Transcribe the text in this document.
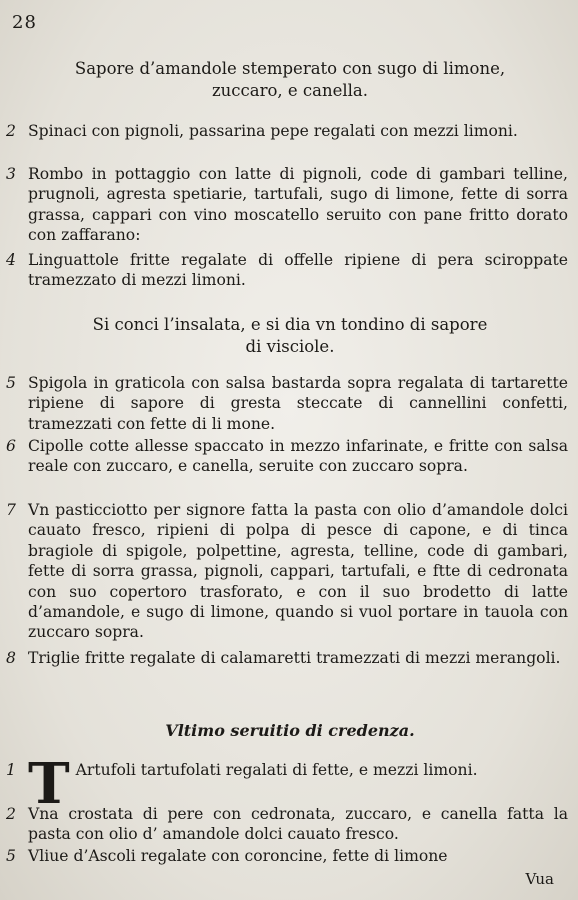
28
Sapore d’amandole stemperato con sugo di limone,
zuccaro, e canella.
2 Spinaci con pignoli, passarina pepe regalati con mezzi limoni.
3 Rombo in pottaggio con latte di pignoli, code di gambari telline, prugnoli, agresta spetiarie, tartufali, sugo di limone, fette di sorra grassa, cappari con vino moscatello seruito con pane fritto dorato con zaffarano:
4 Linguattole fritte regalate di offelle ripiene di pera sciroppate tramezzato di mezzi limoni.
Si conci l’insalata, e si dia vn tondino di sapore
di visciole.
5 Spigola in graticola con salsa bastarda sopra regalata di tartarette ripiene di sapore di gresta steccate di cannellini confetti, tramezzati con fette di li mone.
6 Cipolle cotte allesse spaccato in mezzo infarinate, e fritte con salsa reale con zuccaro, e canella, seruite con zuccaro sopra.
7 Vn pasticciotto per signore fatta la pasta con olio d’amandole dolci cauato fresco, ripieni di polpa di pesce di capone, e di tinca bragiole di spigole, polpettine, agresta, telline, code di gambari, fette di sorra grassa, pignoli, cappari, tartufali, e ftte di cedronata con suo copertoro trasforato, e con il suo brodetto di latte d’amandole, e sugo di limone, quando si vuol portare in tauola con zuccaro sopra.
8 Triglie fritte regalate di calamaretti tramezzati di mezzi merangoli.
Vltimo seruitio di credenza.
1 T Artufoli tartufolati regalati di fette, e mezzi limoni.
2 Vna crostata di pere con cedronata, zuccaro, e canella fatta la pasta con olio d’ amandole dolci cauato fresco.
5 Vliue d’Ascoli regalate con coroncine, fette di limone
Vua
